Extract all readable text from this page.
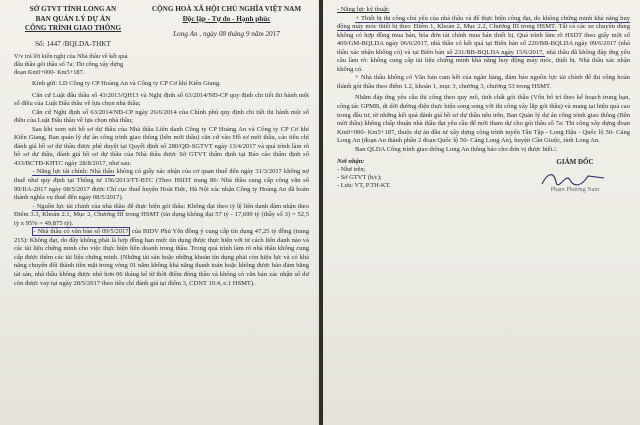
SỞ GTVT TỈNH LONG AN
BAN QUẢN LÝ DỰ ÁN
CÔNG TRÌNH GIAO THÔNG
Số: 1447 /BQLDA-THKT
CỘNG HOÀ XÃ HỘI CHỦ NGHĨA VIỆT NAM
Độc lập - Tự do - Hạnh phúc
Long An , ngày 08 tháng 9 năm 2017
V/v trả lời kiến nghị của Nhà thầu về kết quả đấu thầu gói thầu số 7a: Thi công xây dựng đoạn Km0+000- Km5+187.

Kính gửi: LD Công ty CP Hoàng An và Công ty CP Cơ khí Kiên Giang.

Căn cứ Luật đấu thầu số 43/2013/QH13 và Nghị định số 63/2014/NĐ-CP quy định chi tiết thi hành một số điều của Luật Đấu thầu về lựa chọn nhà thầu;

Căn cứ Nghị định số 63/2014/NĐ-CP ngày 26/6/2014 của Chính phủ quy định chi tiết thi hành một số điều của Luật Đấu thầu về lựa chọn nhà thầu;

Sau khi xem xét hồ sơ dự thầu của Nhà thầu Liên danh Công ty CP Hoàng An và Công ty CP Cơ khí Kiên Giang, Ban quản lý dự án công trình giao thông (bên mời thầu) căn cứ vào Hồ sơ mời thầu, các tiêu chí đánh giá hồ sơ dự thầu được phê duyệt tại Quyết định số 280/QĐ-SGTVT ngày 13/4/2017 và quá trình làm rõ hồ sơ dự thầu, đánh giá hồ sơ dự thầu của Nhà thầu được Sở GTVT thẩm định tại Báo cáo thẩm định số 433/BCTĐ-KHTC ngày 28/8/2017, như sau:

- Năng lực tài chính: Nhà thầu không có giấy xác nhận của cơ quan thuế đến ngày 31/3/2017 không nợ thuế như quy định tại Thông tư 156/2013/TT-BTC (Theo HSDT trang 86: Nhà thầu cung cấp công văn số 99/IIA-2017 ngày 08/5/2017 được Chi cục thuế huyện Hoài Đức, Hà Nội xác nhận Công ty Hoàng An đã hoàn thành nghĩa vụ thuế đến ngày 08/5/2017).

- Nguồn lực tài chính của nhà thầu để thực hiện gói thầu: Không đạt theo tỷ lệ liên danh đảm nhận theo Điểm 3.3, Khoản 2.1, Mục 2, Chương III trong HSMT (tín dụng không đạt 57 tỷ - 17,699 tỷ (thầy số 3) = 52,5 tỷ x 95% = 49,875 tỷ).

- Nhà thầu có văn bản số 09/5/2017 của BIDV Phú Yên đồng ý cung cấp tín dụng 47,25 tỷ đồng (trang 215): Không đạt, do đây không phải là hợp đồng hạn mức tín dụng được thực hiện với tư cách liên danh nào và các tài liệu chứng minh cho việc thực hiện liên doanh trong thầu. Trong quá trình làm rõ nhà thầu không cung cấp được thêm các tài liệu chứng minh. (Những tài sản hoặc những khoản tín dụng phải còn hiệu lực và có khả năng chuyển đổi thành tiền mặt trong vòng 01 năm không khả năng thanh toán hoặc không được bảo đảm bằng tài sản, nhà thầu không được nhỏ hơn 06 tháng kể từ thời điểm đóng thầu và không có văn bản xác nhận số dư còn được vay tại ngày 28/5/2017 theo tiêu chí đánh giá tại điểm 3, CDNT 10.4, e.1 HSMT).

- Năng lực kỹ thuật:

+ Thiết bị thi công chủ yếu của nhà thầu và để thực hiện công đạt, do không chứng minh khả năng huy động máy móc thiết bị theo Điểm 1, Khoản 2, Mục 2.2, Chương III trong HSMT. Tất cả các xe chuyên dùng không có hợp đồng mua bán, hóa đơn tài chính mua bán thiết bị. Quá trình làm rõ HSDT theo giấy mời số 409/GM-BQLDA ngày 06/6/2017, nhà thầu có kết quả tại Biên bản số 220/BB-BQLDA ngày 09/6/2017 (nhà thầu xác nhận không có) và tại Biên bản số 231/BB-BQLDA ngày 15/6/2017, nhà thầu đã không đáp ứng yêu cầu làm rõ: không cung cấp tài liệu chứng minh khả năng huy động máy móc, thiết bị. Nhà thầu xác nhận không có.

+ Nhà thầu không có Văn bản cam kết của ngân hàng, đảm bảo nguồn lực tài chính để thi công hoàn thành gói thầu theo điểm 1.2, khoản 1, mục 3, chương 3, chương 53 trong HSMT.

Nhằm đáp ứng yêu cầu thi công theo quy mô, tính chất gói thầu (Vốn bố trí theo kế hoạch trung hạn, công tác GPMB, di dời đường điện thực hiện song song với thi công xây lắp gói thầu) và mang tại hiệu quả cao trong đầu tư, từ những kết quả đánh giá hồ sơ dự thầu nêu trên, Ban Quản lý dự án công trình giao thông (Bên mời thầu) không chấp thuận nhà thầu đạt yêu cầu để mời tham dự cho gói thầu số 7a: Thi công xây dựng đoạn Km0+000- Km5+187, thuộc dự án đầu tư xây dựng công trình tuyến Tân Tập - Long Hậu - Quốc lộ 50- Cảng Long An (đoạn An thành phần 2 đoạn Quốc lộ 50- Cảng Long An), huyện Cần Giuộc, tỉnh Long An.

Ban QLDA Công trình giao thông Long An thông báo cho đơn vị được biết./.

Nơi nhận:
- Như trên;
- Sở GTVT (b/c);
- Lưu: VT, P.TH-KT.
GIÁM ĐỐC
Phạm Phương Nam
